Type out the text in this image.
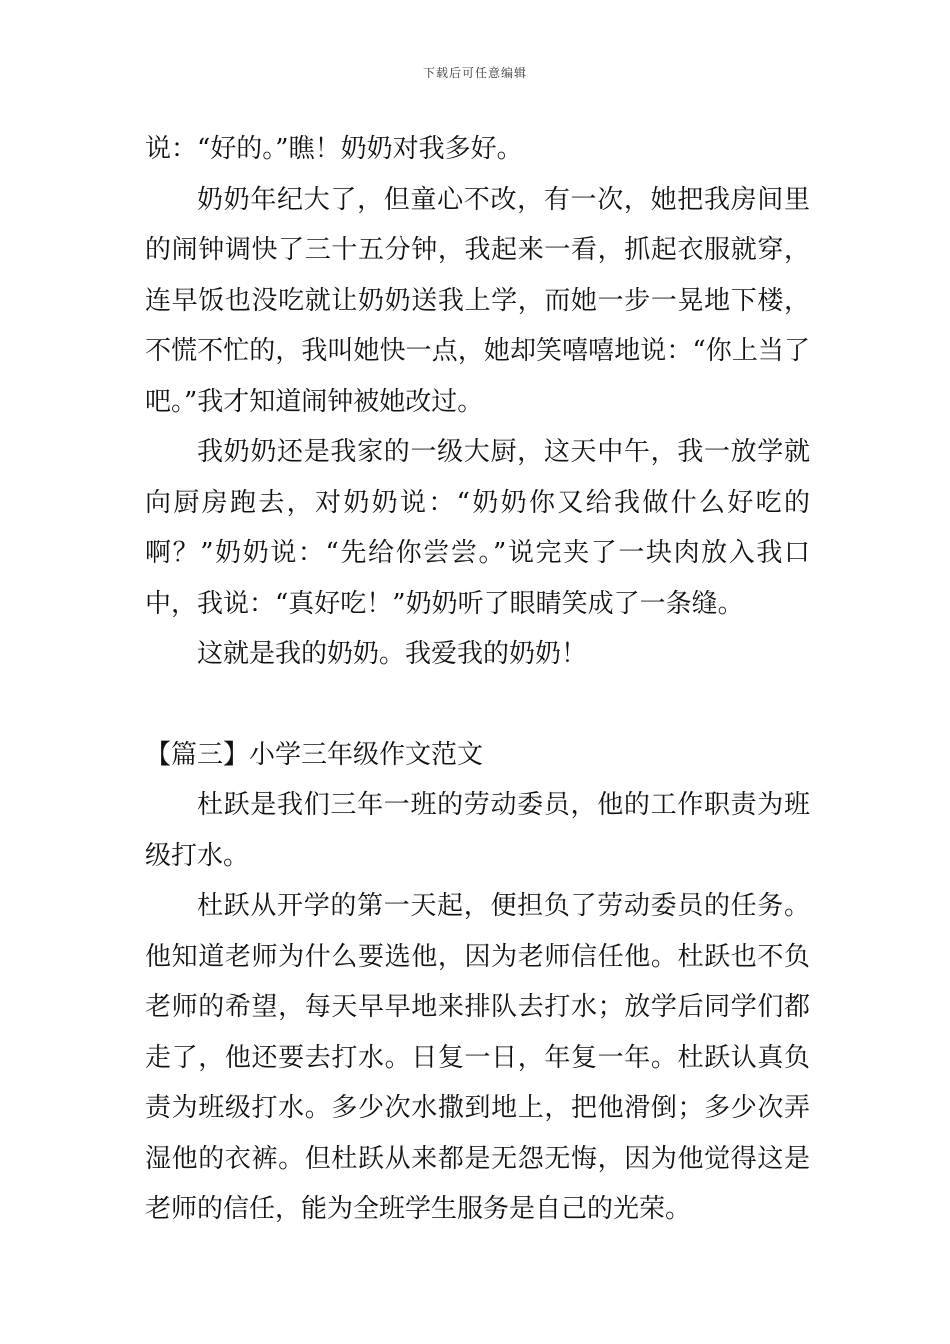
下载后可任意编辑

说：“好的。”瞧！奶奶对我多好。

奶奶年纪大了，但童心不改，有一次，她把我房间里的闹钟调快了三十五分钟，我起来一看，抓起衣服就穿，连早饭也没吃就让奶奶送我上学，而她一步一晃地下楼，不慌不忙的，我叫她快一点，她却笑嘻嘻地说：“你上当了吧。”我才知道闹钟被她改过。

我奶奶还是我家的一级大厨，这天中午，我一放学就向厨房跑去，对奶奶说：“奶奶你又给我做什么好吃的啊？”奶奶说：“先给你尝尝。”说完夹了一块肉放入我口中，我说：“真好吃！”奶奶听了眼睛笑成了一条缝。

这就是我的奶奶。我爱我的奶奶！

【篇三】小学三年级作文范文

杜跃是我们三年一班的劳动委员，他的工作职责为班级打水。

杜跃从开学的第一天起，便担负了劳动委员的任务。他知道老师为什么要选他，因为老师信任他。杜跃也不负老师的希望，每天早早地来排队去打水；放学后同学们都走了，他还要去打水。日复一日，年复一年。杜跃认真负责为班级打水。多少次水撒到地上，把他滑倒；多少次弄湿他的衣裤。但杜跃从来都是无怨无悔，因为他觉得这是老师的信任，能为全班学生服务是自己的光荣。
